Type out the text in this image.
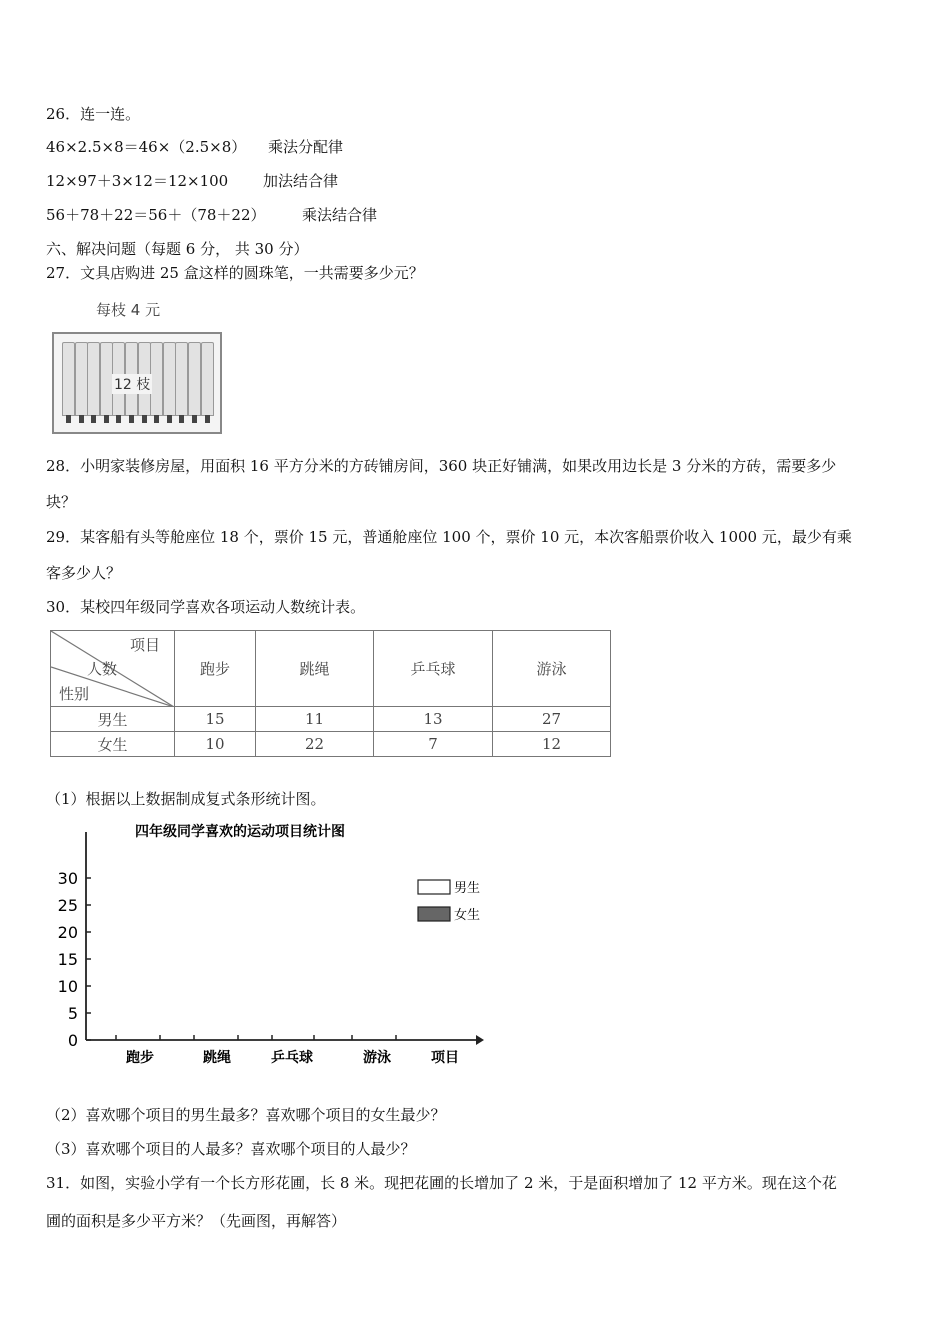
26．连一连。
46×2.5×8＝46×（2.5×8） 乘法分配律
12×97＋3×12＝12×100 加法结合律
56＋78＋22＝56＋（78＋22） 乘法结合律
六、解决问题（每题 6 分， 共 30 分）
27．文具店购进 25 盒这样的圆珠笔，一共需要多少元？
每枝 4 元
12 枝
28．小明家装修房屋，用面积 16 平方分米的方砖铺房间，360 块正好铺满，如果改用边长是 3 分米的方砖，需要多少
块？
29．某客船有头等舱座位 18 个，票价 15 元，普通舱座位 100 个，票价 10 元，本次客船票价收入 1000 元，最少有乘
客多少人？
30．某校四年级同学喜欢各项运动人数统计表。
项目
人数
性别	跑步	跳绳	乒乓球	游泳
男生	15	11	13	27
女生	10	22	7	12
（1）根据以上数据制成复式条形统计图。
四年级同学喜欢的运动项目统计图
0
5
10
15
20
25
30
跑步	跳绳	乒乓球	游泳	项目
男生
女生
（2）喜欢哪个项目的男生最多？喜欢哪个项目的女生最少？
（3）喜欢哪个项目的人最多？喜欢哪个项目的人最少？
31．如图，实验小学有一个长方形花圃，长 8 米。现把花圃的长增加了 2 米，于是面积增加了 12 平方米。现在这个花
圃的面积是多少平方米？（先画图，再解答）
